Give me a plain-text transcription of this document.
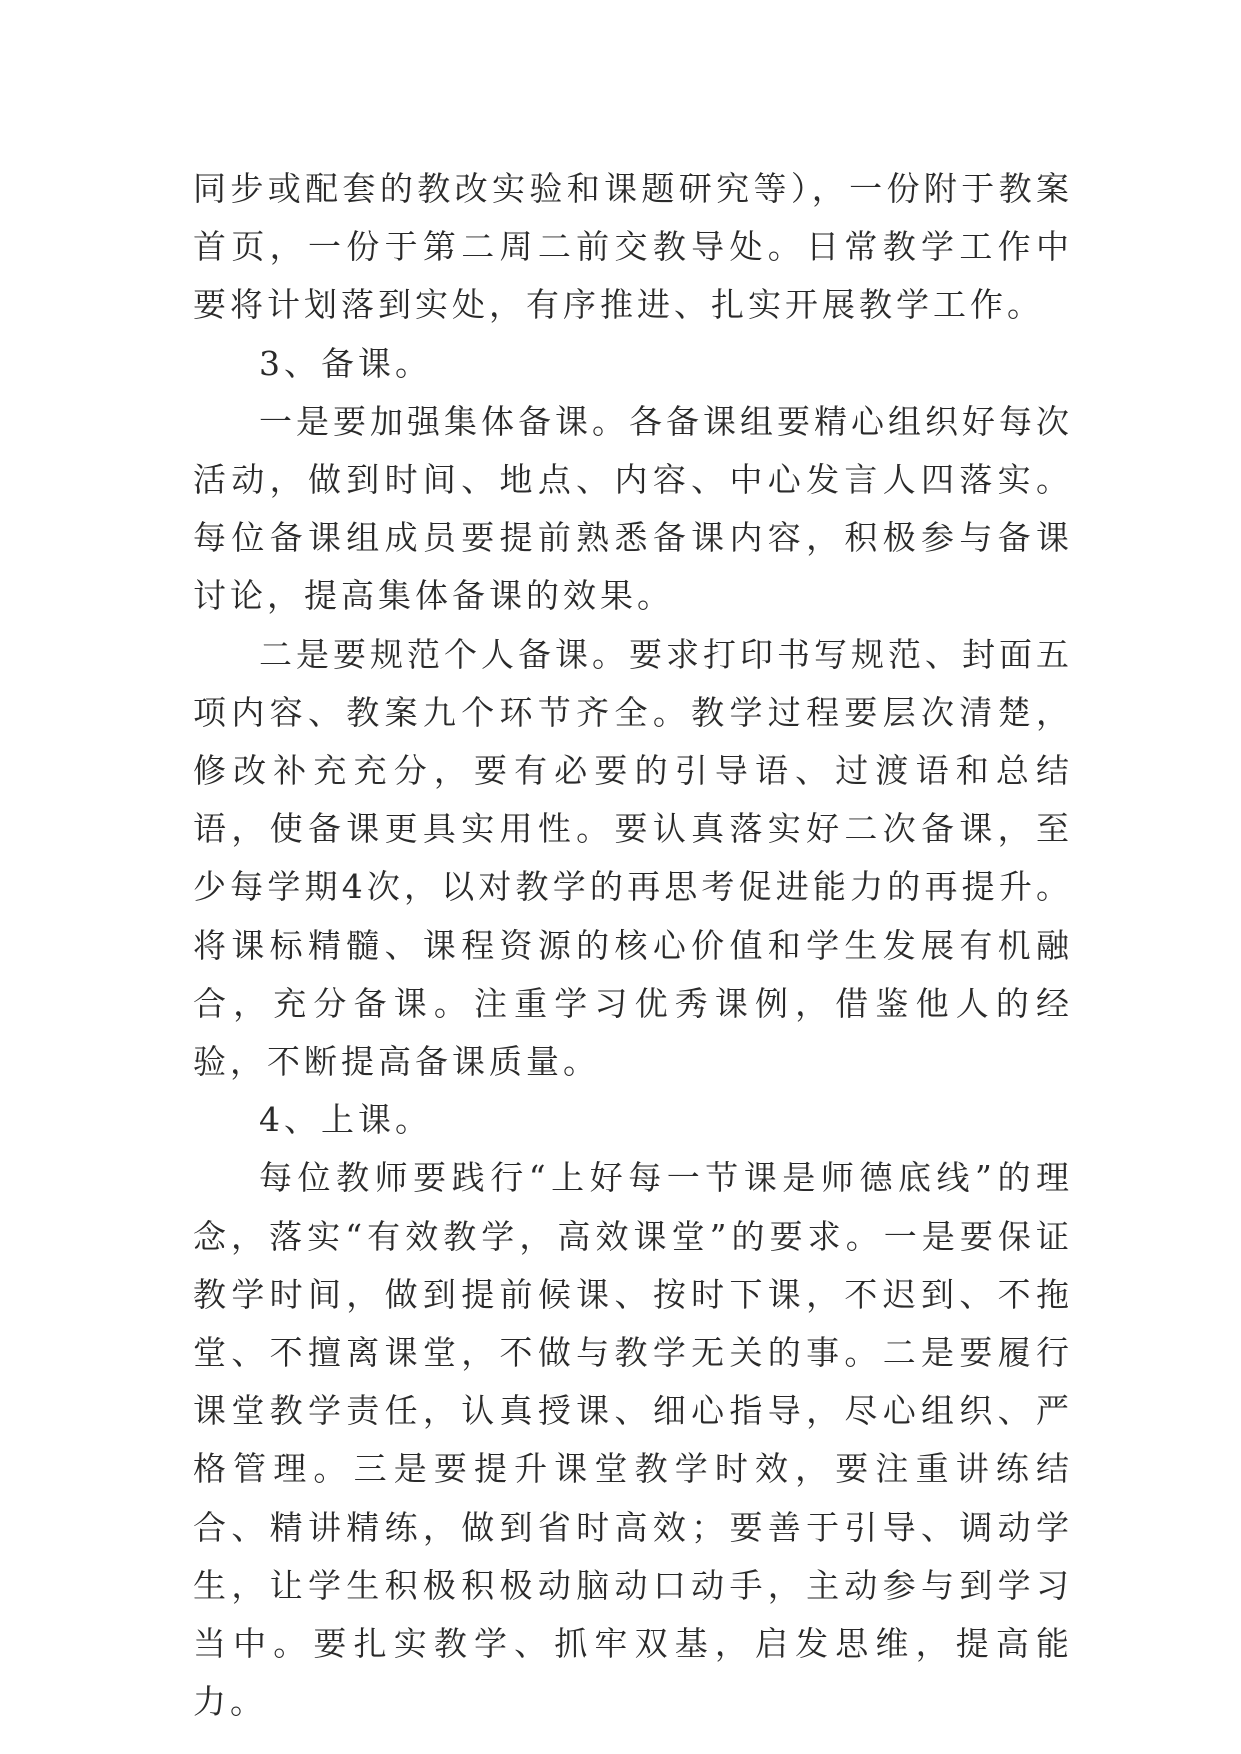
同步或配套的教改实验和课题研究等），一份附于教案首页，一份于第二周二前交教导处。日常教学工作中要将计划落到实处，有序推进、扎实开展教学工作。

3、备课。

一是要加强集体备课。各备课组要精心组织好每次活动，做到时间、地点、内容、中心发言人四落实。每位备课组成员要提前熟悉备课内容，积极参与备课讨论，提高集体备课的效果。

二是要规范个人备课。要求打印书写规范、封面五项内容、教案九个环节齐全。教学过程要层次清楚，修改补充充分，要有必要的引导语、过渡语和总结语，使备课更具实用性。要认真落实好二次备课，至少每学期4次，以对教学的再思考促进能力的再提升。将课标精髓、课程资源的核心价值和学生发展有机融合，充分备课。注重学习优秀课例，借鉴他人的经验，不断提高备课质量。

4、上课。

每位教师要践行“上好每一节课是师德底线”的理念，落实“有效教学，高效课堂”的要求。一是要保证教学时间，做到提前候课、按时下课，不迟到、不拖堂、不擅离课堂，不做与教学无关的事。二是要履行课堂教学责任，认真授课、细心指导，尽心组织、严格管理。三是要提升课堂教学时效，要注重讲练结合、精讲精练，做到省时高效；要善于引导、调动学生，让学生积极积极动脑动口动手，主动参与到学习当中。要扎实教学、抓牢双基，启发思维，提高能力。
